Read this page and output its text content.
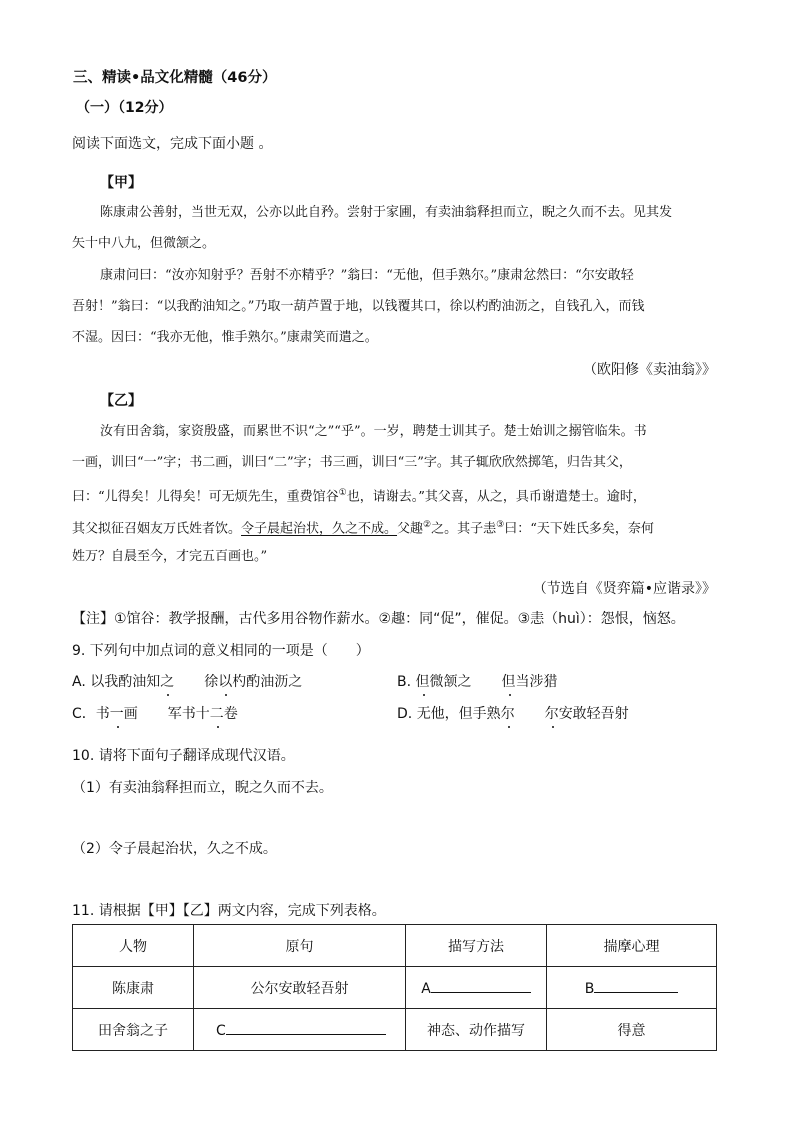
三、精读•品文化精髓（46分）
（一）（12分）
阅读下面选文，完成下面小题 。
【甲】
陈康肃公善射，当世无双，公亦以此自矜。尝射于家圃，有卖油翁释担而立，睨之久而不去。见其发
矢十中八九，但微颔之。
康肃问曰：“汝亦知射乎？吾射不亦精乎？”翁曰：“无他，但手熟尔。”康肃忿然曰：“尔安敢轻
吾射！”翁曰：“以我酌油知之。”乃取一葫芦置于地，以钱覆其口，徐以杓酌油沥之，自钱孔入，而钱
不湿。因曰：“我亦无他，惟手熟尔。”康肃笑而遣之。
（欧阳修《卖油翁》》
【乙】
汝有田舍翁，家资殷盛，而累世不识“之”“乎”。一岁，聘楚士训其子。楚士始训之搦管临朱。书
一画，训曰“一”字；书二画，训曰“二”字；书三画，训曰“三”字。其子辄欣欣然掷笔，归告其父，
曰：“儿得矣！儿得矣！可无烦先生，重费馆谷①也，请谢去。”其父喜，从之，具币谢遣楚士。逾时，
其父拟征召姻友万氏姓者饮。令子晨起治状，久之不成。父趣②之。其子恚③曰：“天下姓氏多矣，奈何
姓万？自晨至今，才完五百画也。”
（节选自《贤弈篇•应谐录》》
【注】①馆谷：教学报酬，古代多用谷物作薪水。②趣：同“促”，催促。③恚（huì）：怨恨，恼怒。
9. 下列句中加点词的意义相同的一项是（　　）
A. 以我酌油知之 徐以杓酌油沥之	B. 但微颔之 但当涉猎
C．书一画 军书十二卷	D. 无他，但手熟尔 尔安敢轻吾射
10. 请将下面句子翻译成现代汉语。
（1）有卖油翁释担而立，睨之久而不去。
（2）令子晨起治状，久之不成。
11. 请根据【甲】【乙】两文内容，完成下列表格。
人物	原句	描写方法	揣摩心理
陈康肃	公尔安敢轻吾射	A	B
田舍翁之子	C	神态、动作描写	得意
